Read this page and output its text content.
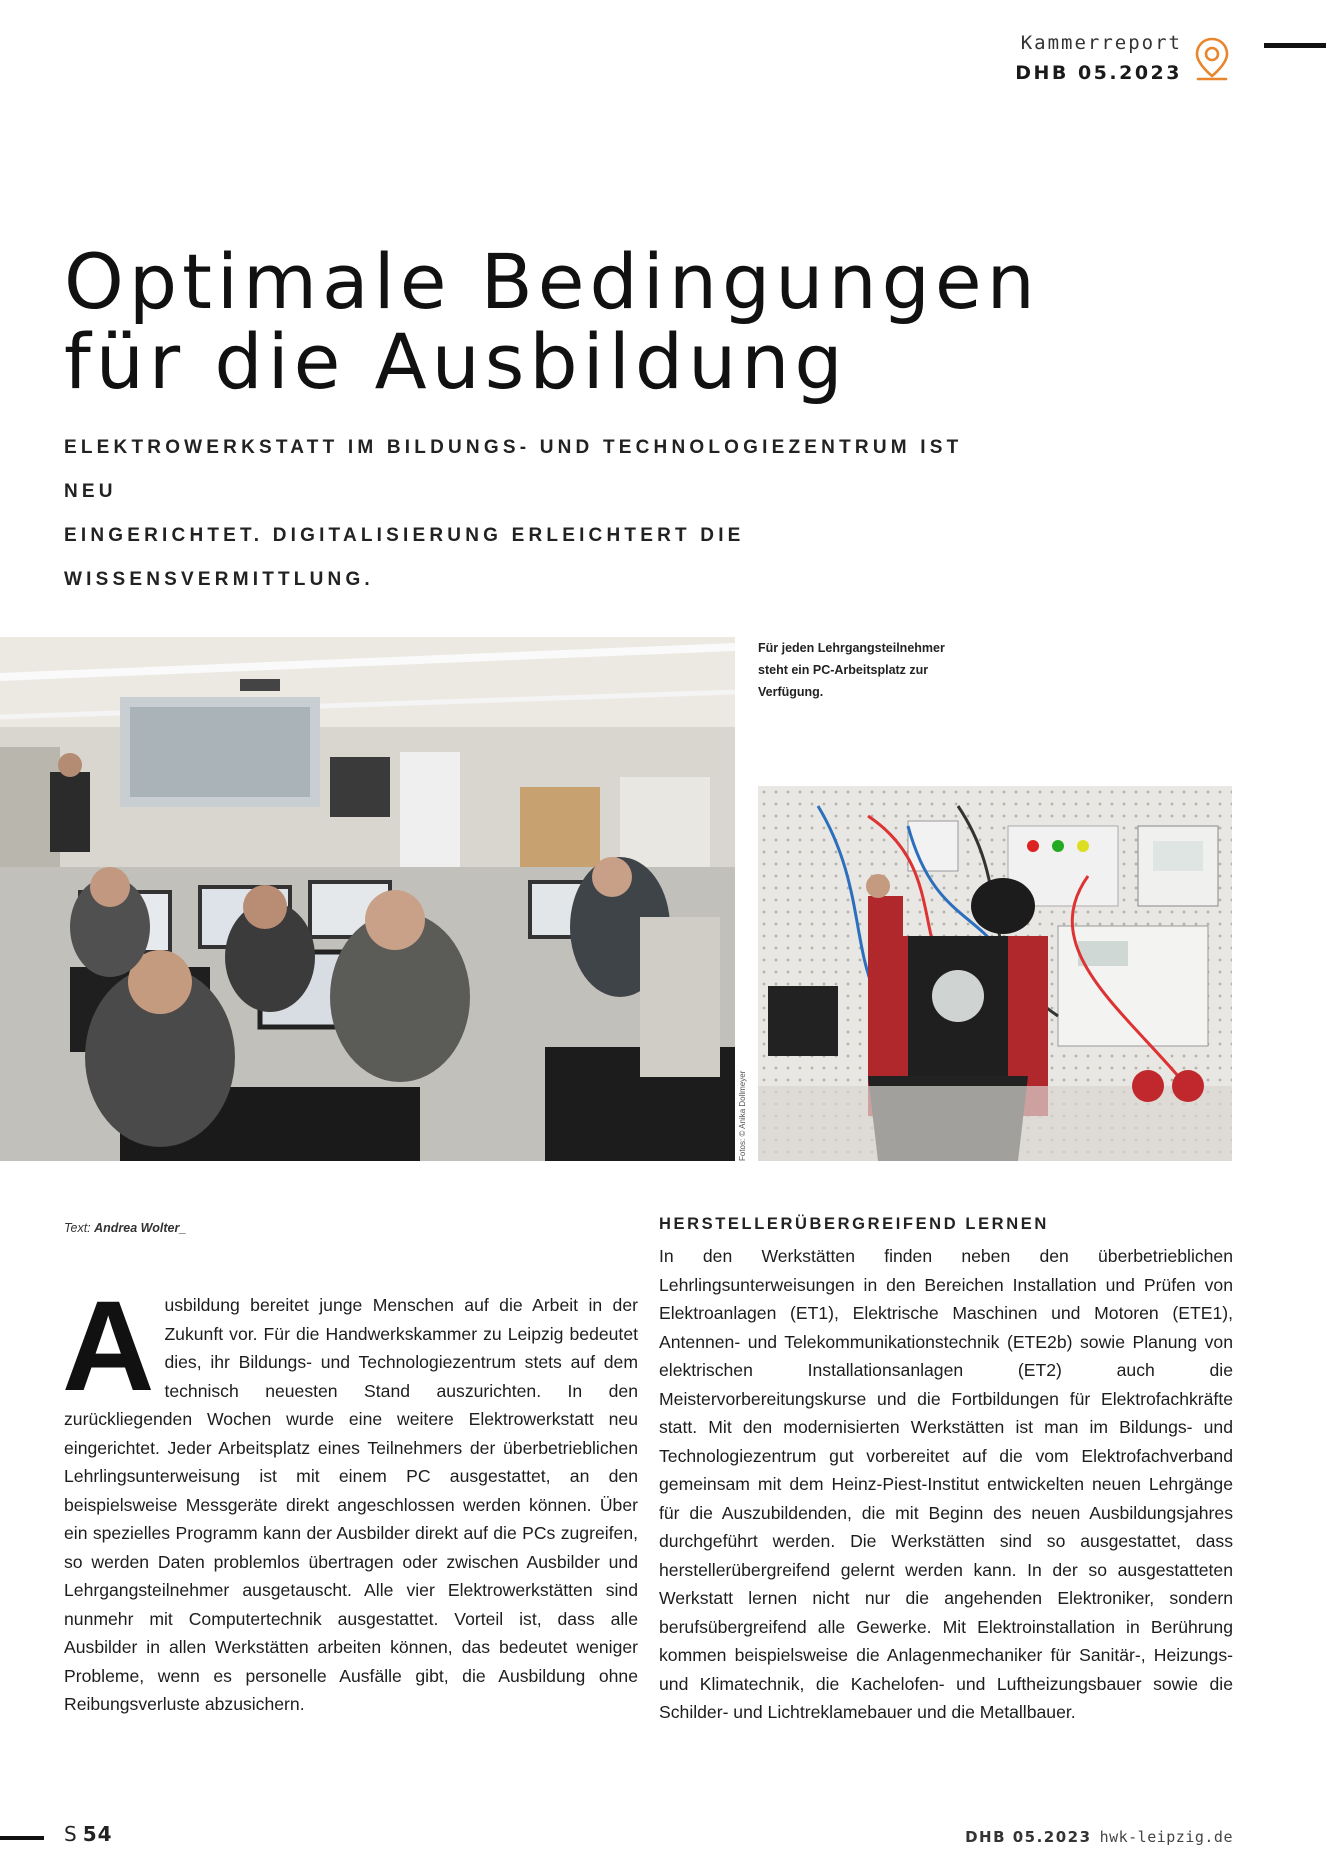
Kammerreport
DHB 05.2023
Optimale Bedingungen
für die Ausbildung
ELEKTROWERKSTATT IM BILDUNGS- UND TECHNOLOGIEZENTRUM IST NEU
EINGERICHTET. DIGITALISIERUNG ERLEICHTERT DIE WISSENSVERMITTLUNG.
Für jeden Lehrgangsteilnehmer steht ein PC-Arbeitsplatz zur Verfügung.
Fotos: © Anika Dollmeyer
Text: Andrea Wolter_
A usbildung bereitet junge Menschen auf die Arbeit in der Zukunft vor. Für die Handwerkskammer zu Leipzig bedeutet dies, ihr Bildungs- und Technologiezentrum stets auf dem technisch neuesten Stand auszurichten. In den zurückliegenden Wochen wurde eine weitere Elektrowerkstatt neu eingerichtet. Jeder Arbeitsplatz eines Teilnehmers der überbetrieblichen Lehrlingsunterweisung ist mit einem PC ausgestattet, an den beispielsweise Messgeräte direkt angeschlossen werden können. Über ein spezielles Programm kann der Ausbilder direkt auf die PCs zugreifen, so werden Daten problemlos übertragen oder zwischen Ausbilder und Lehrgangsteilnehmer ausgetauscht. Alle vier Elektrowerkstätten sind nunmehr mit Computertechnik ausgestattet. Vorteil ist, dass alle Ausbilder in allen Werkstätten arbeiten können, das bedeutet weniger Probleme, wenn es personelle Ausfälle gibt, die Ausbildung ohne Reibungsverluste abzusichern.
HERSTELLERÜBERGREIFEND LERNEN
In den Werkstätten finden neben den überbetrieblichen Lehrlingsunterweisungen in den Bereichen Installation und Prüfen von Elektroanlagen (ET1), Elektrische Maschinen und Motoren (ETE1), Antennen- und Telekommunikationstechnik (ETE2b) sowie Planung von elektrischen Installationsanlagen (ET2) auch die Meistervorbereitungskurse und die Fortbildungen für Elektrofachkräfte statt. Mit den modernisierten Werkstätten ist man im Bildungs- und Technologiezentrum gut vorbereitet auf die vom Elektrofachverband gemeinsam mit dem Heinz-Piest-Institut entwickelten neuen Lehrgänge für die Auszubildenden, die mit Beginn des neuen Ausbildungsjahres durchgeführt werden. Die Werkstätten sind so ausgestattet, dass herstellerübergreifend gelernt werden kann. In der so ausgestatteten Werkstatt lernen nicht nur die angehenden Elektroniker, sondern berufsübergreifend alle Gewerke. Mit Elektroinstallation in Berührung kommen beispielsweise die Anlagenmechaniker für Sanitär-, Heizungs- und Klimatechnik, die Kachelofen- und Luftheizungsbauer sowie die Schilder- und Lichtreklamebauer und die Metallbauer.
S 54	DHB 05.2023 hwk-leipzig.de
